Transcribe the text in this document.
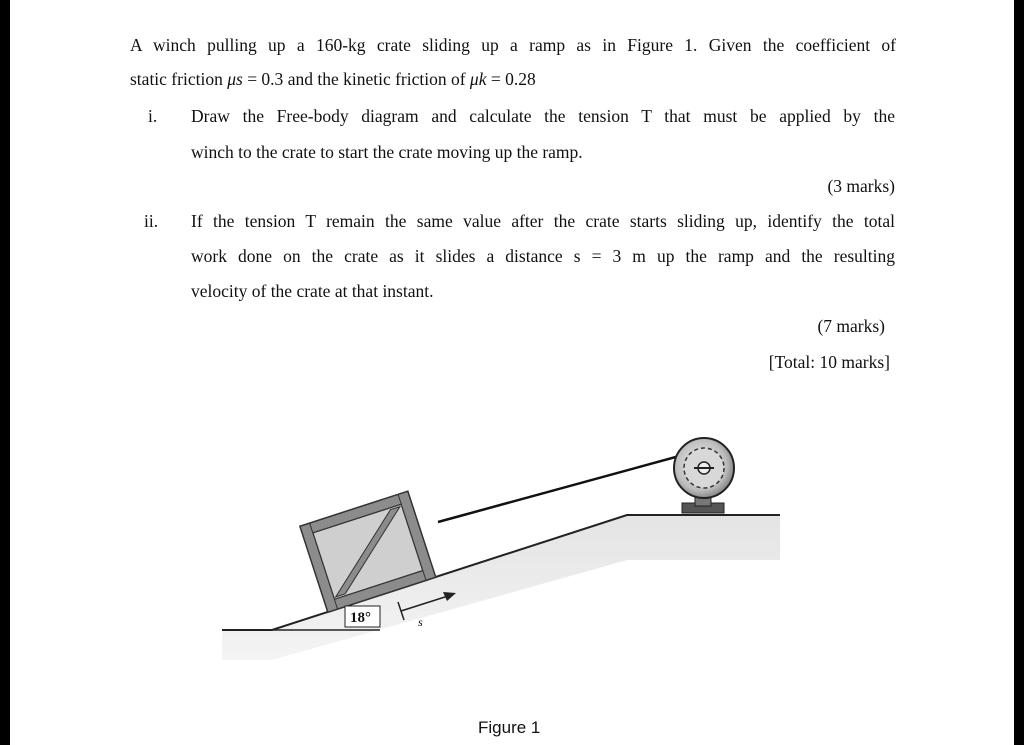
A winch pulling up a 160-kg crate sliding up a ramp as in Figure 1. Given the coefficient of
static friction μs = 0.3 and the kinetic friction of μk = 0.28
i. Draw the Free-body diagram and calculate the tension T that must be applied by the
winch to the crate to start the crate moving up the ramp.
(3 marks)
ii. If the tension T remain the same value after the crate starts sliding up, identify the total
work done on the crate as it slides a distance s = 3 m up the ramp and the resulting
velocity of the crate at that instant.
(7 marks)
[Total: 10 marks]
18°	s
Figure 1
